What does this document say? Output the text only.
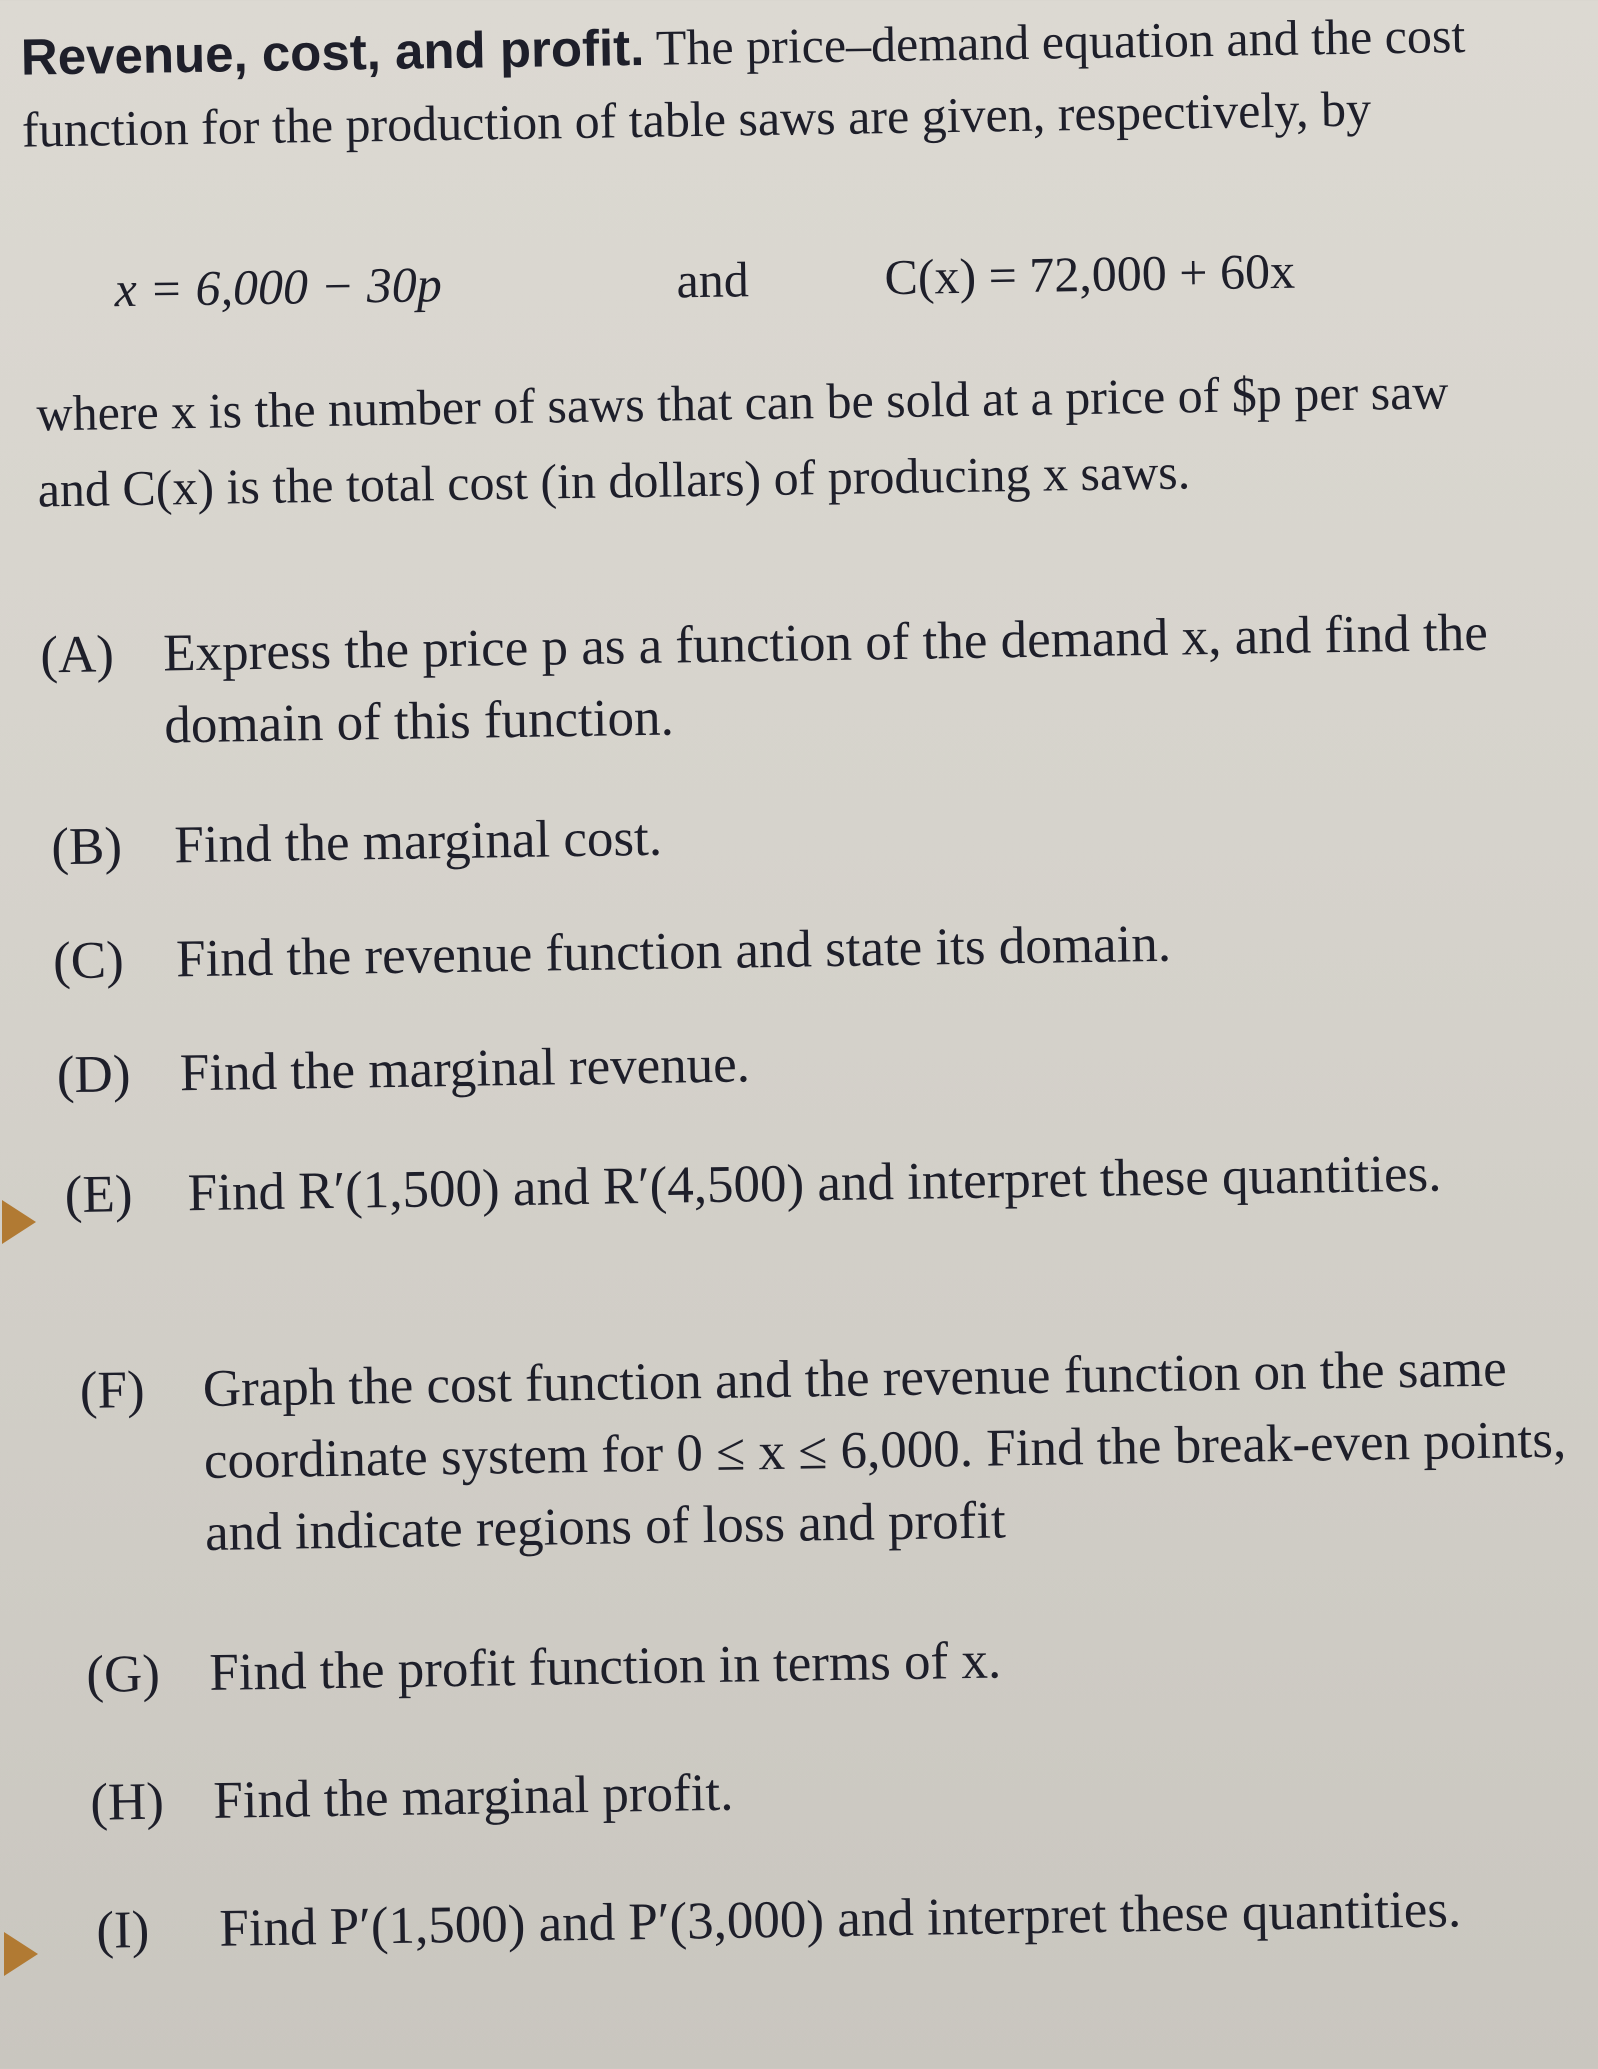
Revenue, cost, and profit. The price–demand equation and the cost function for the production of table saws are given, respectively, by
x = 6,000 − 30p	and	C(x) = 72,000 + 60x
where x is the number of saws that can be sold at a price of $p per saw and C(x) is the total cost (in dollars) of producing x saws.
(A) Express the price p as a function of the demand x, and find the domain of this function.
(B) Find the marginal cost.
(C) Find the revenue function and state its domain.
(D) Find the marginal revenue.
(E) Find R′(1,500) and R′(4,500) and interpret these quantities.
(F) Graph the cost function and the revenue function on the same coordinate system for 0 ≤ x ≤ 6,000. Find the break-even points, and indicate regions of loss and profit
(G) Find the profit function in terms of x.
(H) Find the marginal profit.
(I) Find P′(1,500) and P′(3,000) and interpret these quantities.
